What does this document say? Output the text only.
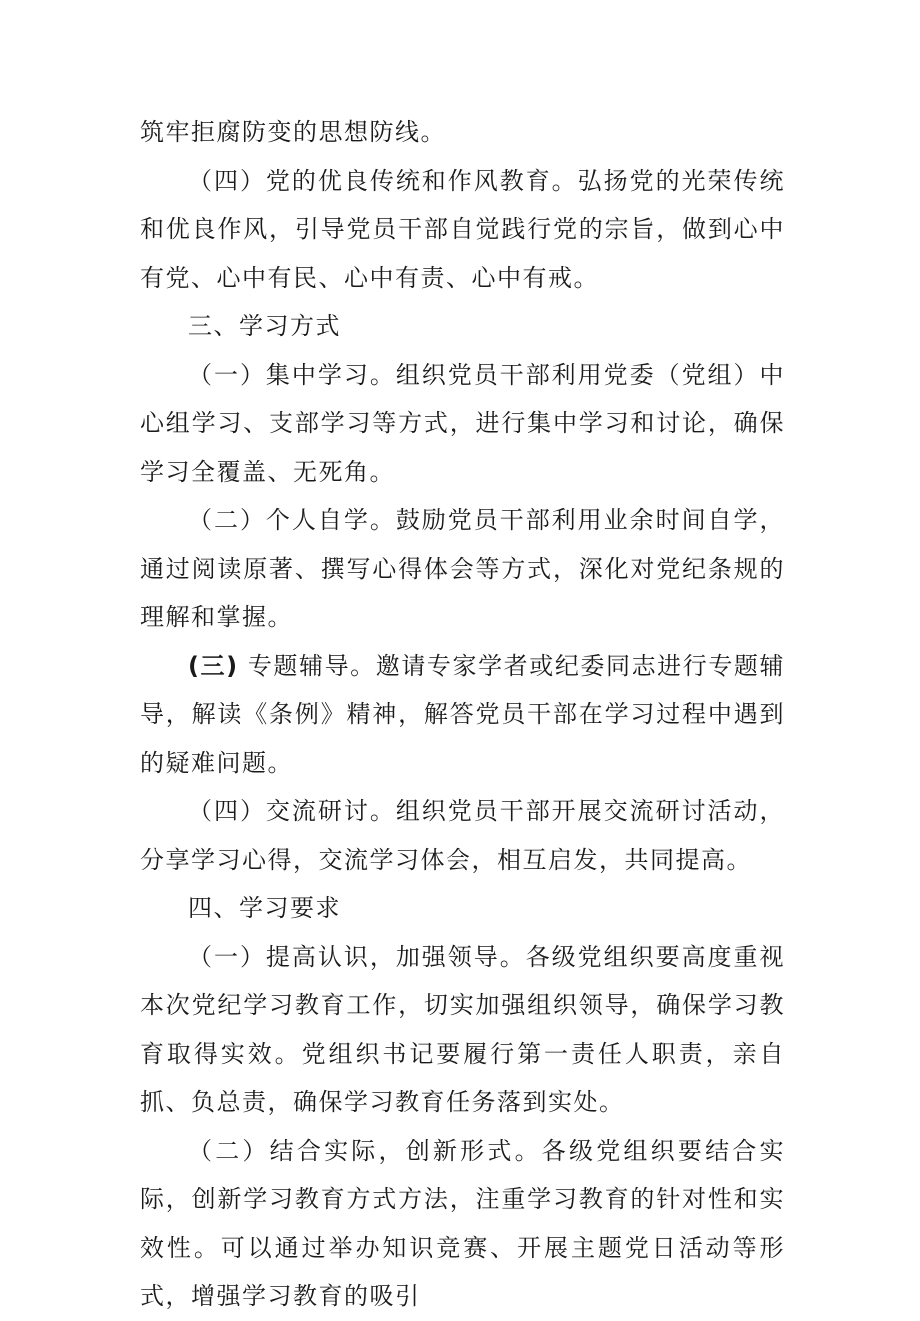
筑牢拒腐防变的思想防线。

（四）党的优良传统和作风教育。弘扬党的光荣传统和优良作风，引导党员干部自觉践行党的宗旨，做到心中有党、心中有民、心中有责、心中有戒。

三、学习方式

（一）集中学习。组织党员干部利用党委（党组）中心组学习、支部学习等方式，进行集中学习和讨论，确保学习全覆盖、无死角。

（二）个人自学。鼓励党员干部利用业余时间自学，通过阅读原著、撰写心得体会等方式，深化对党纪条规的理解和掌握。

(三) 专题辅导。邀请专家学者或纪委同志进行专题辅导，解读《条例》精神，解答党员干部在学习过程中遇到的疑难问题。

（四）交流研讨。组织党员干部开展交流研讨活动，分享学习心得，交流学习体会，相互启发，共同提高。

四、学习要求

（一）提高认识，加强领导。各级党组织要高度重视本次党纪学习教育工作，切实加强组织领导，确保学习教育取得实效。党组织书记要履行第一责任人职责，亲自抓、负总责，确保学习教育任务落到实处。

（二）结合实际，创新形式。各级党组织要结合实际，创新学习教育方式方法，注重学习教育的针对性和实效性。可以通过举办知识竞赛、开展主题党日活动等形式，增强学习教育的吸引
